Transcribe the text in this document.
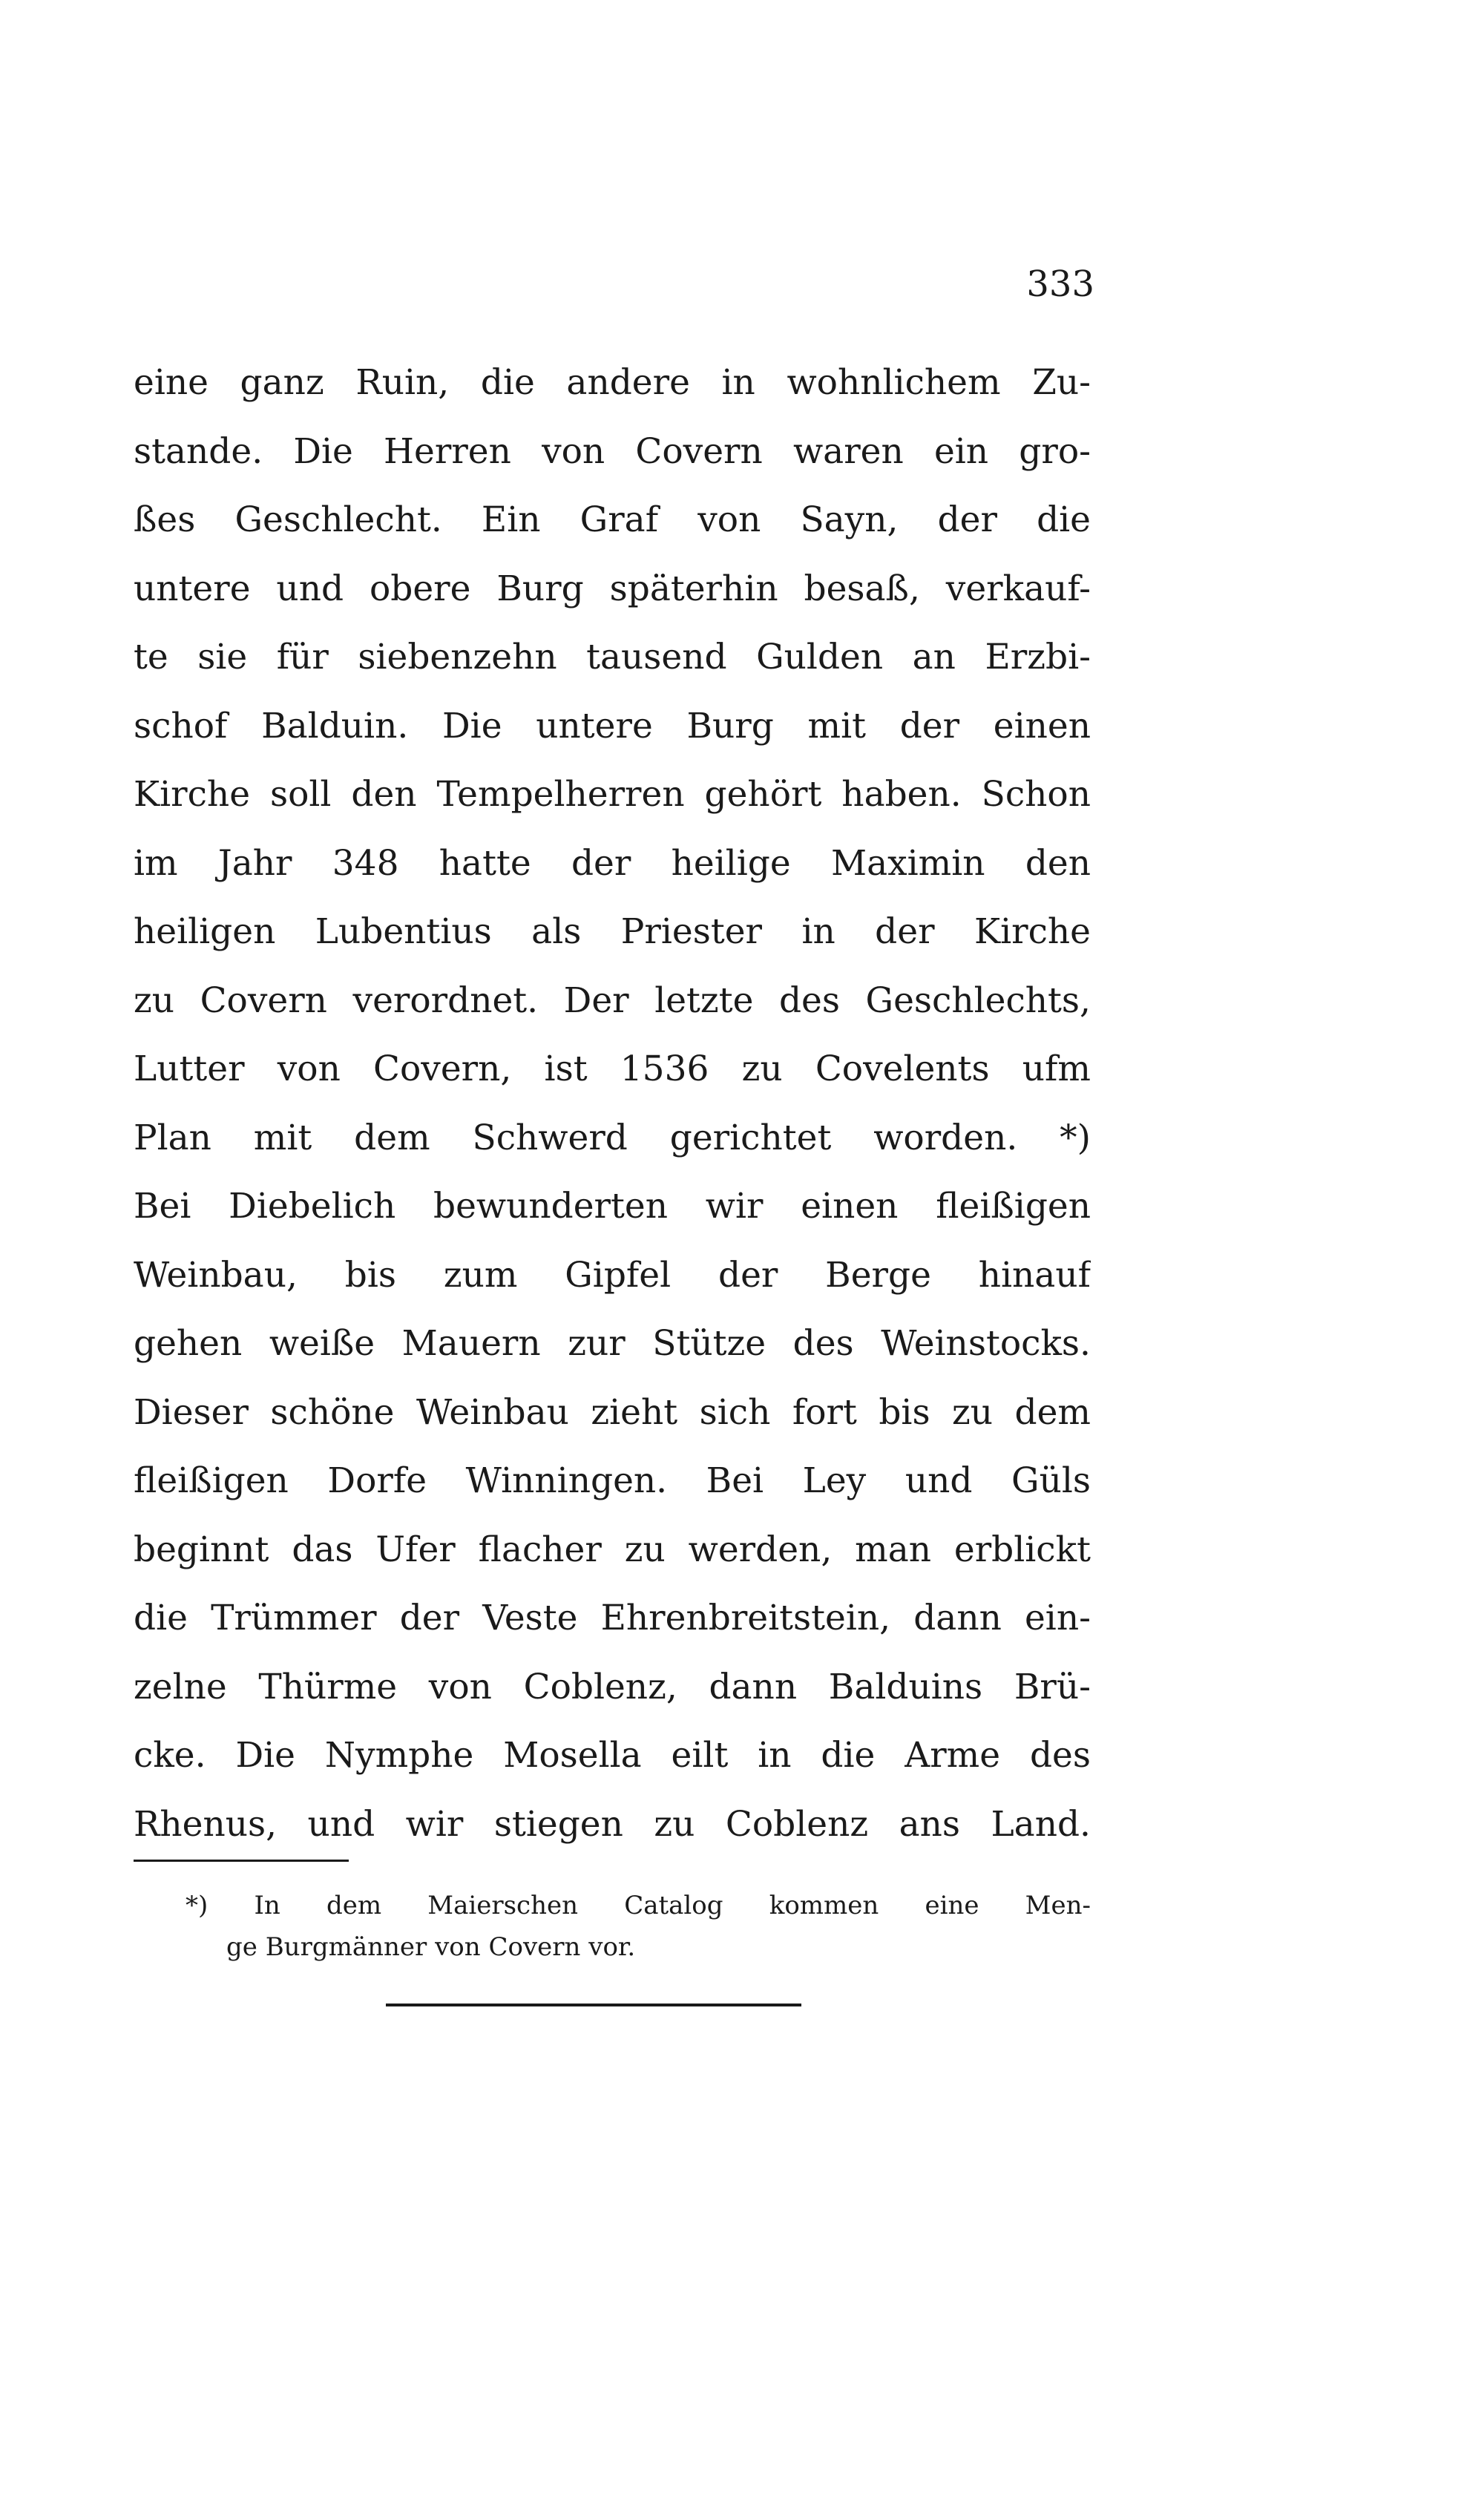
333
eine ganz Ruin, die andere in wohnlichem Zu-
stande. Die Herren von Covern waren ein gro-
ßes Geschlecht. Ein Graf von Sayn, der die
untere und obere Burg späterhin besaß, verkauf-
te sie für siebenzehn tausend Gulden an Erzbi-
schof Balduin. Die untere Burg mit der einen
Kirche soll den Tempelherren gehört haben. Schon
im Jahr 348 hatte der heilige Maximin den
heiligen Lubentius als Priester in der Kirche
zu Covern verordnet. Der letzte des Geschlechts,
Lutter von Covern, ist 1536 zu Covelents ufm
Plan mit dem Schwerd gerichtet worden. *)
Bei Diebelich bewunderten wir einen fleißigen
Weinbau, bis zum Gipfel der Berge hinauf
gehen weiße Mauern zur Stütze des Weinstocks.
Dieser schöne Weinbau zieht sich fort bis zu dem
fleißigen Dorfe Winningen. Bei Ley und Güls
beginnt das Ufer flacher zu werden, man erblickt
die Trümmer der Veste Ehrenbreitstein, dann ein-
zelne Thürme von Coblenz, dann Balduins Brü-
cke. Die Nymphe Mosella eilt in die Arme des
Rhenus, und wir stiegen zu Coblenz ans Land.
*) In dem Maierschen Catalog kommen eine Men-
ge Burgmänner von Covern vor.
